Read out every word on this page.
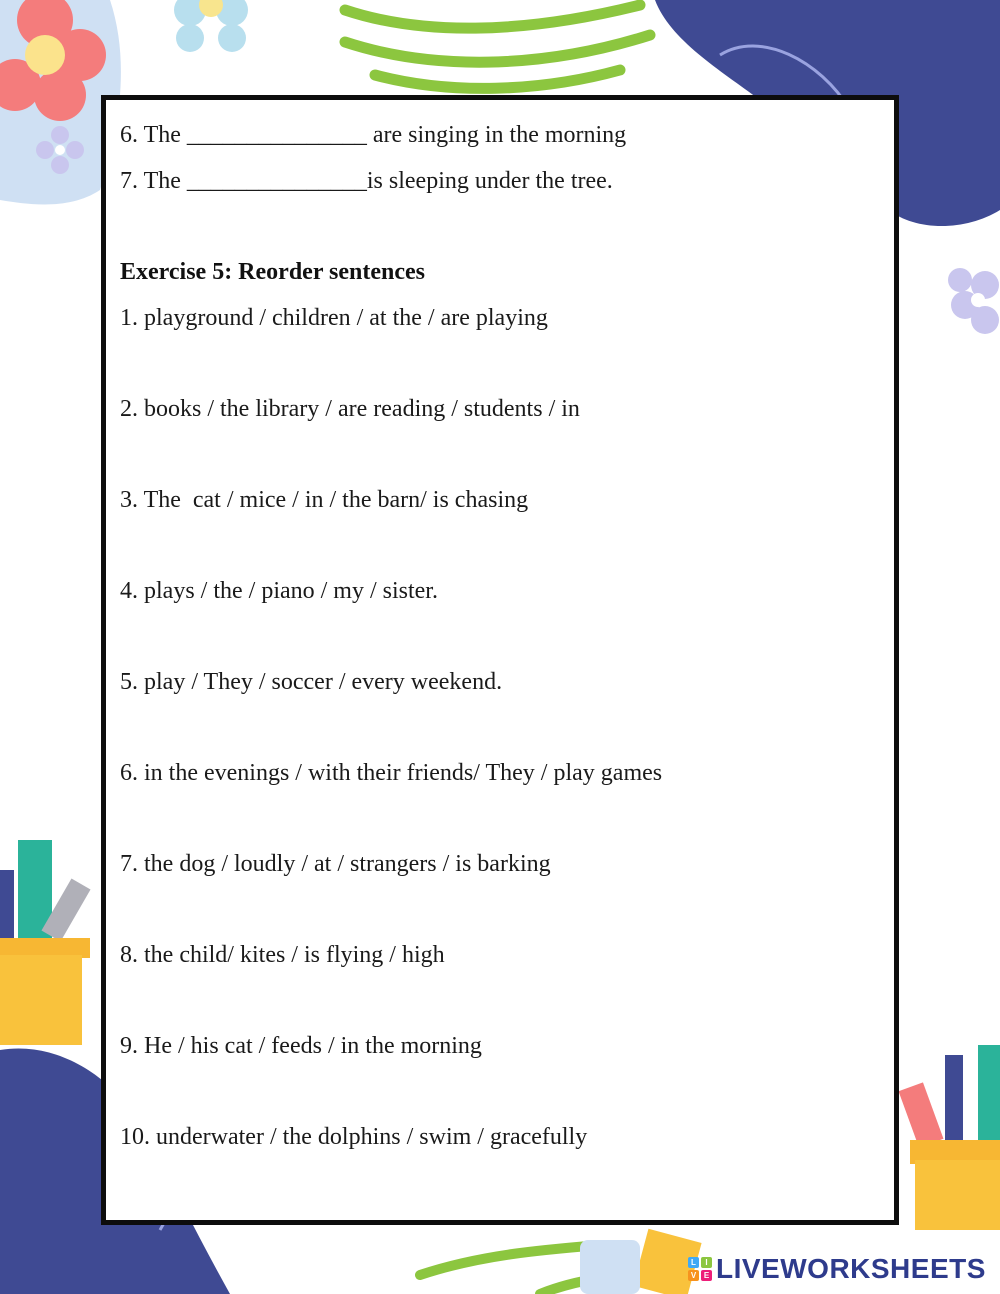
6. The _______________ are singing in the morning

7. The _______________is sleeping under the tree.

Exercise 5: Reorder sentences

1. playground / children / at the / are playing

2. books / the library / are reading / students / in

3. The  cat / mice / in / the barn/ is chasing

4. plays / the / piano / my / sister.

5. play / They / soccer / every weekend.

6. in the evenings / with their friends/ They / play games

7. the dog / loudly / at / strangers / is barking

8. the child/ kites / is flying / high

9. He / his cat / feeds / in the morning

10. underwater / the dolphins / swim / gracefully

L	I
V E LIVEWORKSHEETS
